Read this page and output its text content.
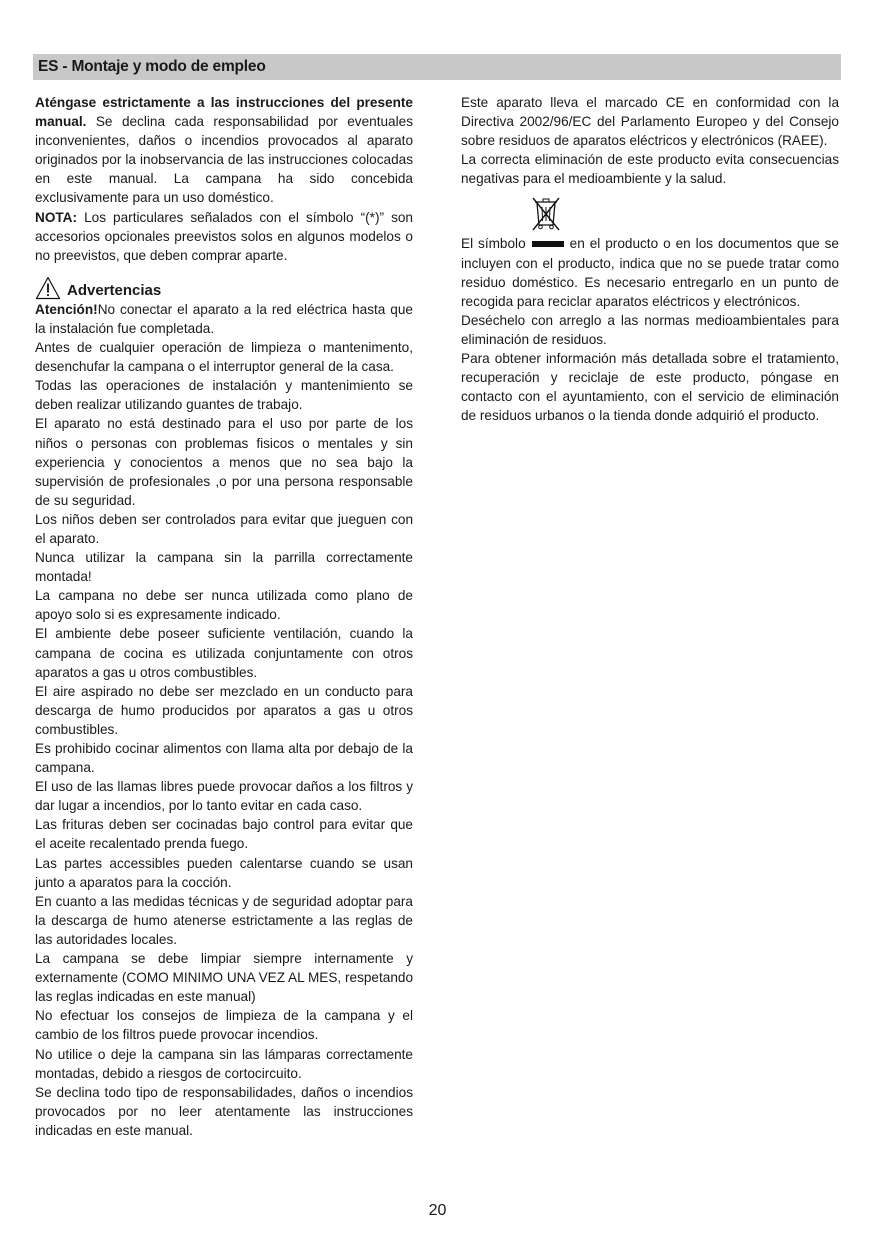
ES - Montaje y modo de empleo

Aténgase estrictamente a las instrucciones del presente manual. Se declina cada responsabilidad por eventuales inconvenientes, daños o incendios provocados al aparato originados por la inobservancia de las instrucciones colocadas en este manual. La campana ha sido concebida exclusivamente para un uso doméstico.

NOTA: Los particulares señalados con el símbolo “(*)” son accesorios opcionales preevistos solos en algunos modelos o no preevistos, que deben comprar aparte.

Advertencias

Atención!No conectar el aparato a la red eléctrica hasta que la instalación fue completada.

Antes de cualquier operación de limpieza o mantenimento, desenchufar la campana o el interruptor general de la casa.

Todas las operaciones de instalación y mantenimiento se deben realizar utilizando guantes de trabajo.

El aparato no está destinado para el uso por parte de los niños o personas con problemas fisicos o mentales y sin experiencia y conocientos a menos que no sea bajo la supervisión de profesionales ,o por una persona responsable de su seguridad.

Los niños deben ser controlados para evitar que jueguen con el aparato.

Nunca utilizar la campana sin la parrilla correctamente montada!

La campana no debe ser nunca utilizada como plano de apoyo solo si es expresamente indicado.

El ambiente debe poseer suficiente ventilación, cuando la campana de cocina es utilizada conjuntamente con otros aparatos a gas u otros combustibles.

El aire aspirado no debe ser mezclado en un conducto para descarga de humo producidos por aparatos a gas u otros combustibles.

Es prohibido cocinar alimentos con llama alta por debajo de la campana.

El uso de las llamas libres puede provocar daños a los filtros y dar lugar a incendios, por lo tanto evitar en cada caso.

Las frituras deben ser cocinadas bajo control para evitar que el aceite recalentado prenda fuego.

Las partes accessibles pueden calentarse cuando se usan junto a aparatos para la cocción.

En cuanto a las medidas técnicas y de seguridad adoptar para la descarga de humo atenerse estrictamente a las reglas de las autoridades locales.

La campana se debe limpiar siempre internamente y externamente (COMO MINIMO UNA VEZ AL MES, respetando las reglas indicadas en este manual)

No efectuar los consejos de limpieza de la campana y el cambio de los filtros puede provocar incendios.

No utilice o deje la campana sin las lámparas correctamente montadas, debido a riesgos de cortocircuito.

Se declina todo tipo de responsabilidades, daños o incendios provocados por no leer atentamente las instrucciones indicadas en este manual.

Este aparato lleva el marcado CE en conformidad con la Directiva 2002/96/EC del Parlamento Europeo y del Consejo sobre residuos de aparatos eléctricos y electrónicos (RAEE).

La correcta eliminación de este producto evita consecuencias negativas para el medioambiente y la salud.

El símbolo	en el producto o en los documentos que se incluyen con el producto, indica que no se puede tratar como residuo doméstico. Es necesario entregarlo en un punto de recogida para reciclar aparatos eléctricos y electrónicos.

Deséchelo con arreglo a las normas medioambientales para eliminación de residuos.

Para obtener información más detallada sobre el tratamiento, recuperación y reciclaje de este producto, póngase en contacto con el ayuntamiento, con el servicio de eliminación de residuos urbanos o la tienda donde adquirió el producto.

20
